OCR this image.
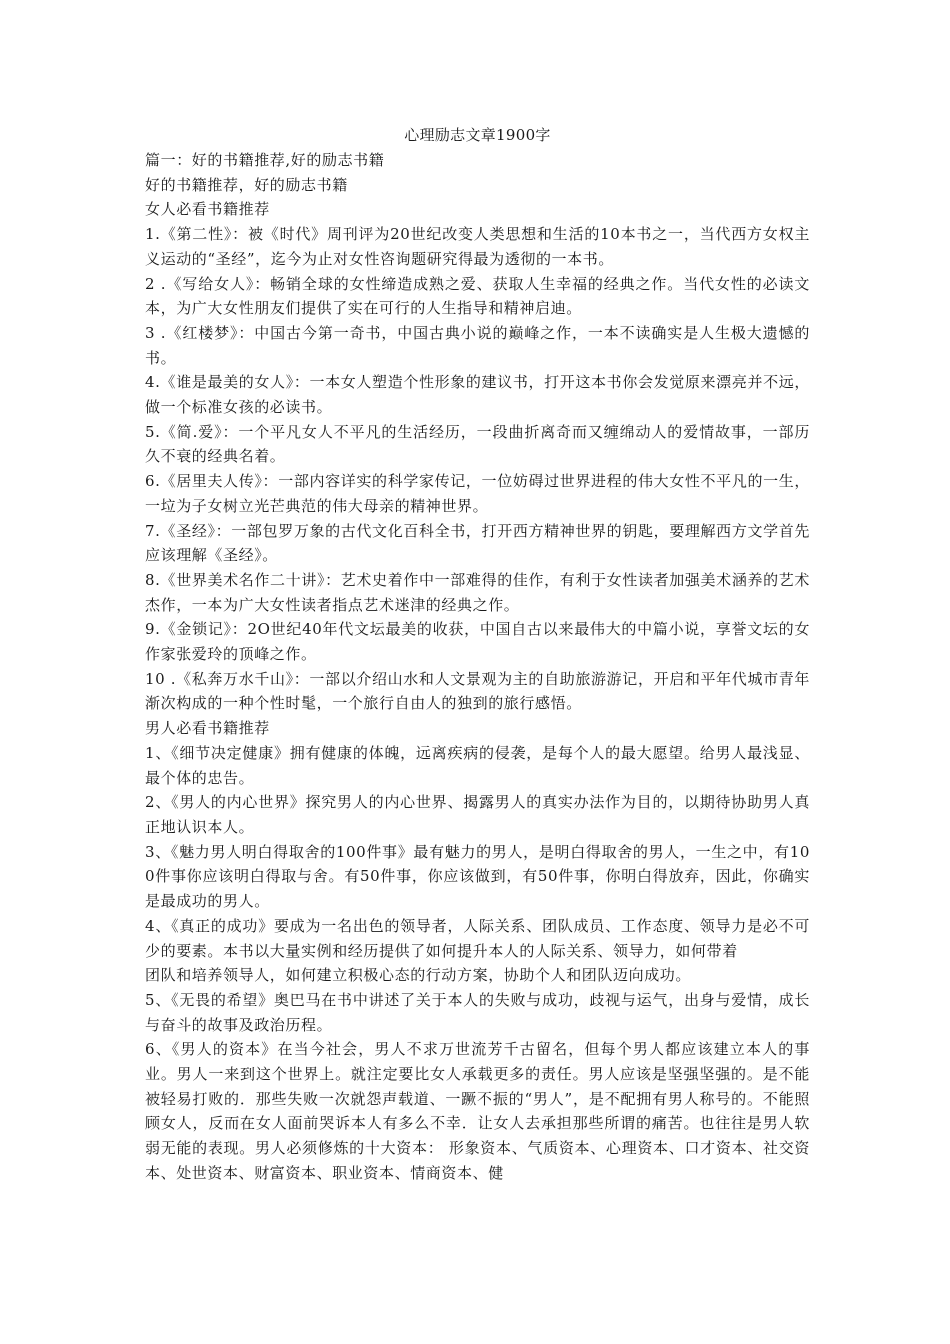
心理励志文章1900字

篇一：好的书籍推荐,好的励志书籍

好的书籍推荐，好的励志书籍

女人必看书籍推荐

1.《第二性》：被《时代》周刊评为20世纪改变人类思想和生活的10本书之一，当代西方女权主义运动的“圣经”，迄今为止对女性咨询题研究得最为透彻的一本书。

2 .《写给女人》：畅销全球的女性缔造成熟之爱、获取人生幸福的经典之作。当代女性的必读文本，为广大女性朋友们提供了实在可行的人生指导和精神启迪。

3 .《红楼梦》：中国古今第一奇书，中国古典小说的巅峰之作，一本不读确实是人生极大遗憾的书。

4.《谁是最美的女人》：一本女人塑造个性形象的建议书，打开这本书你会发觉原来漂亮并不远，做一个标准女孩的必读书。

5.《简.爱》：一个平凡女人不平凡的生活经历，一段曲折离奇而又缠绵动人的爱情故事，一部历久不衰的经典名着。

6.《居里夫人传》：一部内容详实的科学家传记，一位妨碍过世界进程的伟大女性不平凡的一生，一垃为子女树立光芒典范的伟大母亲的精神世界。

7.《圣经》：一部包罗万象的古代文化百科全书，打开西方精神世界的钥匙，要理解西方文学首先应该理解《圣经》。

8.《世界美术名作二十讲》：艺术史着作中一部难得的佳作，有利于女性读者加强美术涵养的艺术杰作，一本为广大女性读者指点艺术迷津的经典之作。

9.《金锁记》：2O世纪40年代文坛最美的收获，中国自古以来最伟大的中篇小说，享誉文坛的女作家张爱玲的顶峰之作。

10 .《私奔万水千山》：一部以介绍山水和人文景观为主的自助旅游游记，开启和平年代城市青年渐次构成的一种个性时髦，一个旅行自由人的独到的旅行感悟。

男人必看书籍推荐

1、《细节决定健康》拥有健康的体魄，远离疾病的侵袭，是每个人的最大愿望。给男人最浅显、最个体的忠告。

2、《男人的内心世界》探究男人的内心世界、揭露男人的真实办法作为目的，以期待协助男人真正地认识本人。

3、《魅力男人明白得取舍的100件事》最有魅力的男人，是明白得取舍的男人，一生之中，有100件事你应该明白得取与舍。有50件事，你应该做到，有50件事，你明白得放弃，因此，你确实是最成功的男人。

4、《真正的成功》要成为一名出色的领导者，人际关系、团队成员、工作态度、领导力是必不可少的要素。本书以大量实例和经历提供了如何提升本人的人际关系、领导力，如何带着

团队和培养领导人，如何建立积极心态的行动方案，协助个人和团队迈向成功。

5、《无畏的希望》奥巴马在书中讲述了关于本人的失败与成功，歧视与运气，出身与爱情，成长与奋斗的故事及政治历程。

6、《男人的资本》在当今社会，男人不求万世流芳千古留名，但每个男人都应该建立本人的事业。男人一来到这个世界上。就注定要比女人承载更多的责任。男人应该是坚强坚强的。是不能被轻易打败的．那些失败一次就怨声载道、一蹶不振的“男人”，是不配拥有男人称号的。不能照顾女人，反而在女人面前哭诉本人有多么不幸．让女人去承担那些所谓的痛苦。也往往是男人软弱无能的表现。男人必须修炼的十大资本： 形象资本、气质资本、心理资本、口才资本、社交资本、处世资本、财富资本、职业资本、情商资本、健
